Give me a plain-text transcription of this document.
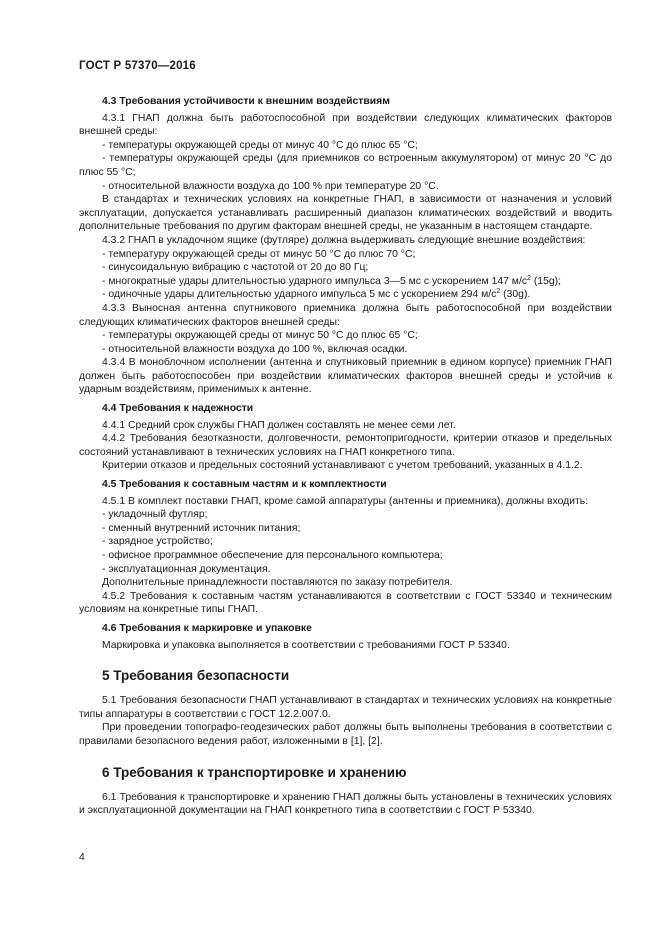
ГОСТ Р 57370—2016
4.3 Требования устойчивости к внешним воздействиям

4.3.1 ГНАП должна быть работоспособной при воздействии следующих климатических факторов внешней среды:

- температуры окружающей среды от минус 40 °С до плюс 65 °С;

- температуры окружающей среды (для приемников со встроенным аккумулятором) от минус 20 °С до плюс 55 °С;

- относительной влажности воздуха до 100 % при температуре 20 °С.

В стандартах и технических условиях на конкретные ГНАП, в зависимости от назначения и условий эксплуатации, допускается устанавливать расширенный диапазон климатических воздействий и вводить дополнительные требования по другим факторам внешней среды, не указанным в настоящем стандарте.

4.3.2 ГНАП в укладочном ящике (футляре) должна выдерживать следующие внешние воздействия:

- температуру окружающей среды от минус 50 °С до плюс 70 °С;

- синусоидальную вибрацию с частотой от 20 до 80 Гц;

- многократные удары длительностью ударного импульса 3—5 мс с ускорением 147 $м/с^2$ (15g);

- одиночные удары длительностью ударного импульса 5 мс с ускорением 294 $м/с^2$ (30g).

4.3.3 Выносная антенна спутникового приемника должна быть работоспособной при воздействии следующих климатических факторов внешней среды:

- температуры окружающей среды от минус 50 °С до плюс 65 °С;

- относительной влажности воздуха до 100 %, включая осадки.

4.3.4 В моноблочном исполнении (антенна и спутниковый приемник в едином корпусе) приемник ГНАП должен быть работоспособен при воздействии климатических факторов внешней среды и устойчив к ударным воздействиям, применимых к антенне.

4.4 Требования к надежности

4.4.1 Средний срок службы ГНАП должен составлять не менее семи лет.

4.4.2 Требования безотказности, долговечности, ремонтопригодности, критерии отказов и предельных состояний устанавливают в технических условиях на ГНАП конкретного типа.

Критерии отказов и предельных состояний устанавливают с учетом требований, указанных в 4.1.2.

4.5 Требования к составным частям и к комплектности

4.5.1 В комплект поставки ГНАП, кроме самой аппаратуры (антенны и приемника), должны входить:

- укладочный футляр;

- сменный внутренний источник питания;

- зарядное устройство;

- офисное программное обеспечение для персонального компьютера;

- эксплуатационная документация.

Дополнительные принадлежности поставляются по заказу потребителя.

4.5.2 Требования к составным частям устанавливаются в соответствии с ГОСТ 53340 и техническим условиям на конкретные типы ГНАП.

4.6 Требования к маркировке и упаковке

Маркировка и упаковка выполняется в соответствии с требованиями ГОСТ Р 53340.

5 Требования безопасности

5.1 Требования безопасности ГНАП устанавливают в стандартах и технических условиях на конкретные типы аппаратуры в соответствии с ГОСТ 12.2.007.0.

При проведении топографо-геодезических работ должны быть выполнены требования в соответствии с правилами безопасного ведения работ, изложенными в [1], [2].

6 Требования к транспортировке и хранению

6.1 Требования к транспортировке и хранению ГНАП должны быть установлены в технических условиях и эксплуатационной документации на ГНАП конкретного типа в соответствии с ГОСТ Р 53340.

4
